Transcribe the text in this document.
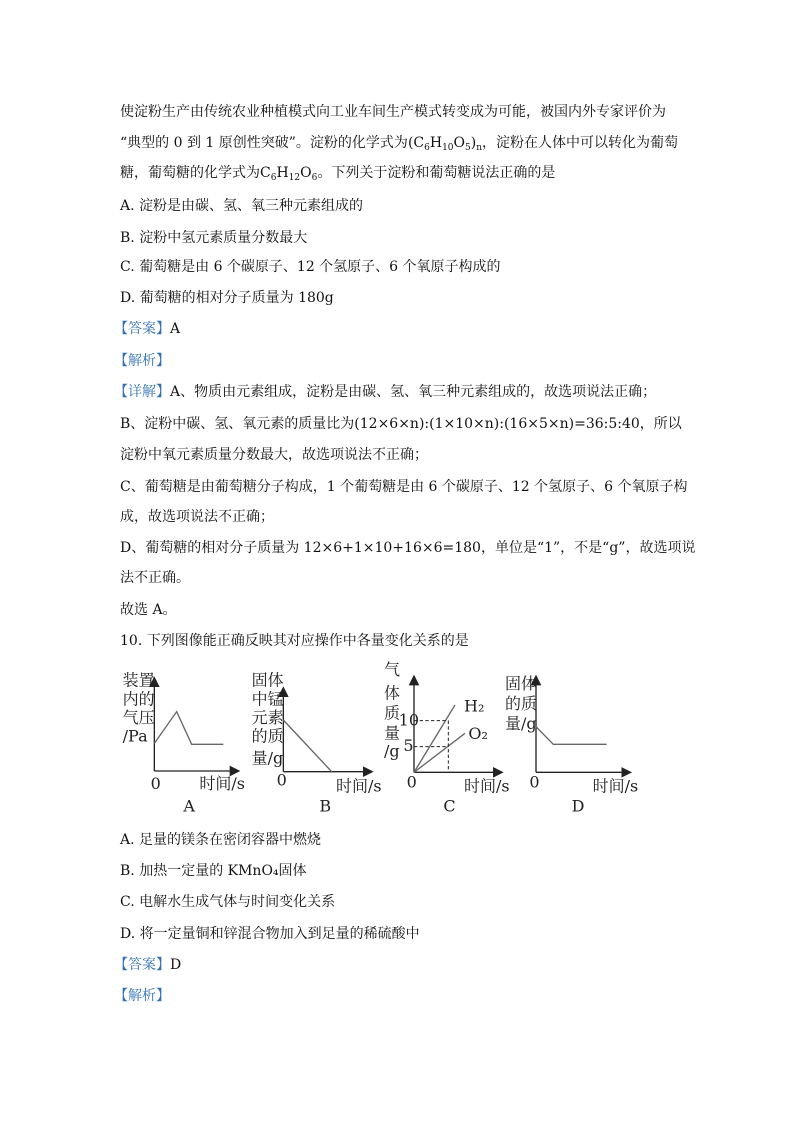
使淀粉生产由传统农业种植模式向工业车间生产模式转变成为可能，被国内外专家评价为
“典型的 0 到 1 原创性突破”。淀粉的化学式为$(C_6H_{10}O_5)_n$，淀粉在人体中可以转化为葡萄
糖，葡萄糖的化学式为$C_6H_{12}O_6$。下列关于淀粉和葡萄糖说法正确的是
A. 淀粉是由碳、氢、氧三种元素组成的
B. 淀粉中氢元素质量分数最大
C. 葡萄糖是由 6 个碳原子、12 个氢原子、6 个氧原子构成的
D. 葡萄糖的相对分子质量为 180g
【答案】A
【解析】
【详解】A、物质由元素组成，淀粉是由碳、氢、氧三种元素组成的，故选项说法正确；
B、淀粉中碳、氢、氧元素的质量比为(12×6×n):(1×10×n):(16×5×n)=36:5:40，所以
淀粉中氧元素质量分数最大，故选项说法不正确；
C、葡萄糖是由葡萄糖分子构成，1 个葡萄糖是由 6 个碳原子、12 个氢原子、6 个氧原子构
成，故选项说法不正确；
D、葡萄糖的相对分子质量为 12×6+1×10+16×6=180，单位是“1”，不是“g”，故选项说
法不正确。
故选 A。
10. 下列图像能正确反映其对应操作中各量变化关系的是
装置
内的
气压
/Pa
0 时间/s
A
固体
中锰
元素
的质
量/g
0 时间/s
B
气
体
质
量
/g
10
5
H₂
O₂
0 时间/s
C
固体
的质
量/g
0 时间/s
D
A. 足量的镁条在密闭容器中燃烧
B. 加热一定量的 KMnO₄固体
C. 电解水生成气体与时间变化关系
D. 将一定量铜和锌混合物加入到足量的稀硫酸中
【答案】D
【解析】
